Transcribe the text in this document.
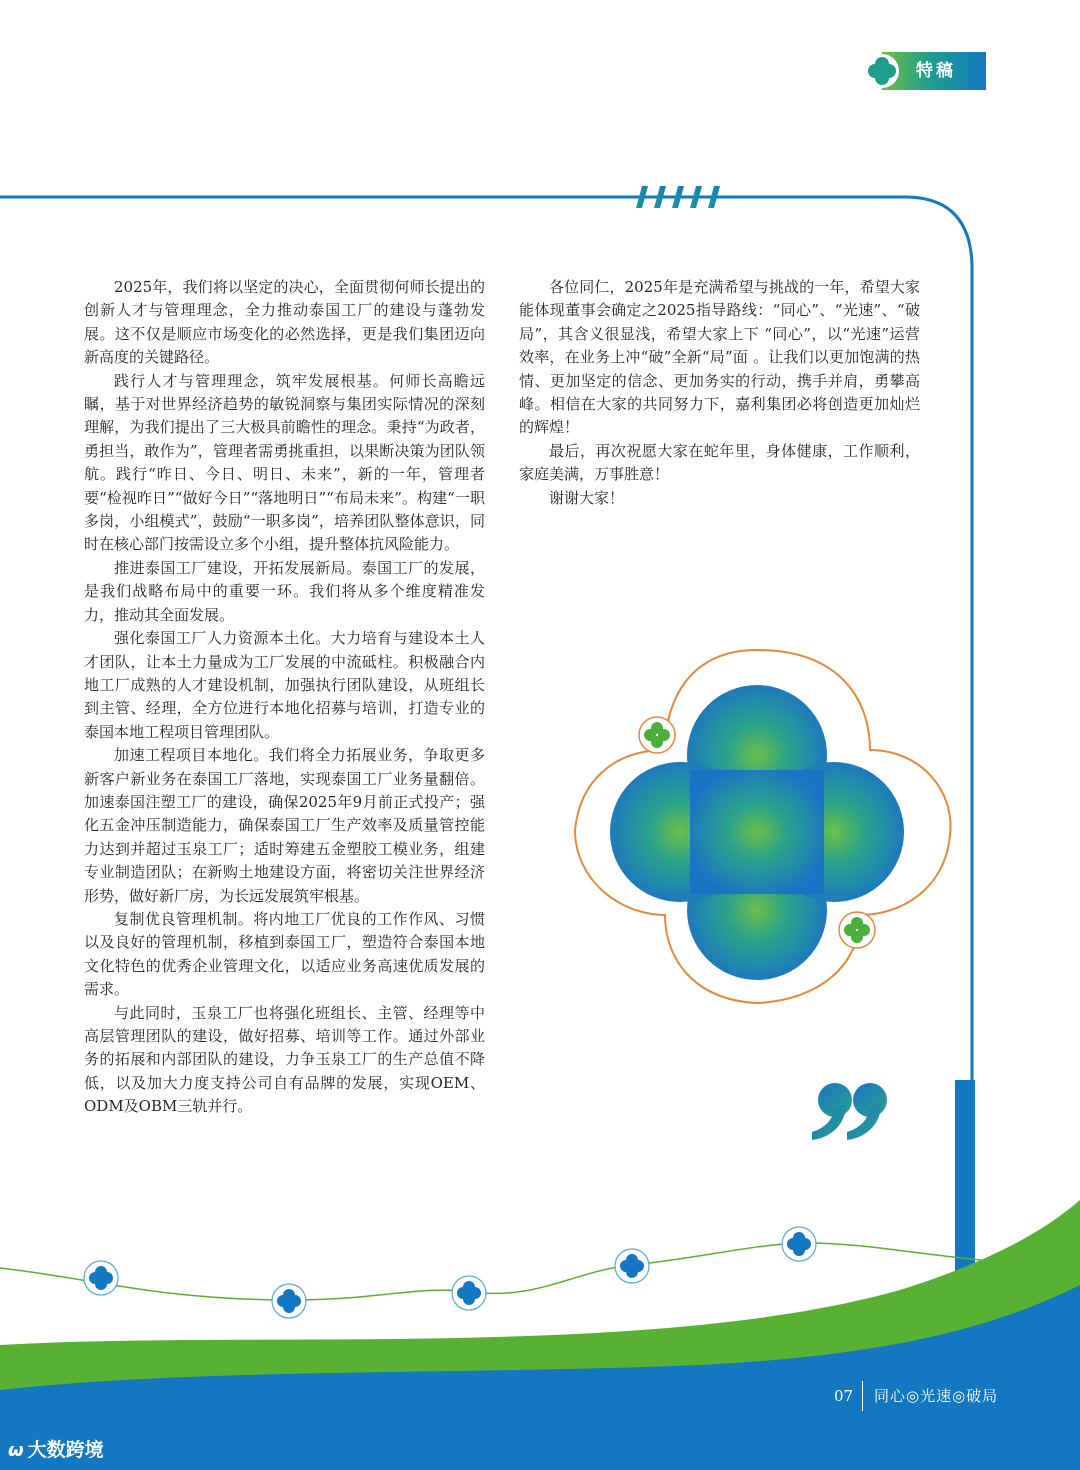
特稿

2025年，我们将以坚定的决心，全面贯彻何师长提出的创新人才与管理理念，全力推动泰国工厂的建设与蓬勃发展。这不仅是顺应市场变化的必然选择，更是我们集团迈向新高度的关键路径。

践行人才与管理理念，筑牢发展根基。何师长高瞻远瞩，基于对世界经济趋势的敏锐洞察与集团实际情况的深刻理解，为我们提出了三大极具前瞻性的理念。秉持“为政者，勇担当，敢作为”，管理者需勇挑重担，以果断决策为团队领航。践行“昨日、今日、明日、未来”，新的一年，管理者要“检视昨日”“做好今日”“落地明日”“布局未来”。构建“一职多岗，小组模式”，鼓励“一职多岗”，培养团队整体意识，同时在核心部门按需设立多个小组，提升整体抗风险能力。

推进泰国工厂建设，开拓发展新局。泰国工厂的发展，是我们战略布局中的重要一环。我们将从多个维度精准发力，推动其全面发展。

强化泰国工厂人力资源本土化。大力培育与建设本土人才团队，让本土力量成为工厂发展的中流砥柱。积极融合内地工厂成熟的人才建设机制，加强执行团队建设，从班组长到主管、经理，全方位进行本地化招募与培训，打造专业的泰国本地工程项目管理团队。

加速工程项目本地化。我们将全力拓展业务，争取更多新客户新业务在泰国工厂落地，实现泰国工厂业务量翻倍。加速泰国注塑工厂的建设，确保2025年9月前正式投产；强化五金冲压制造能力，确保泰国工厂生产效率及质量管控能力达到并超过玉泉工厂；适时筹建五金塑胶工模业务，组建专业制造团队；在新购土地建设方面，将密切关注世界经济形势，做好新厂房，为长远发展筑牢根基。

复制优良管理机制。将内地工厂优良的工作作风、习惯以及良好的管理机制，移植到泰国工厂，塑造符合泰国本地文化特色的优秀企业管理文化，以适应业务高速优质发展的需求。

与此同时，玉泉工厂也将强化班组长、主管、经理等中高层管理团队的建设，做好招募、培训等工作。通过外部业务的拓展和内部团队的建设，力争玉泉工厂的生产总值不降低，以及加大力度支持公司自有品牌的发展，实现OEM、ODM及OBM三轨并行。

各位同仁，2025年是充满希望与挑战的一年，希望大家能体现董事会确定之2025指导路线：“同心”、“光速”、“破局”，其含义很显浅，希望大家上下 “同心”，以“光速”运营效率，在业务上冲“破”全新“局”面 。让我们以更加饱满的热情、更加坚定的信念、更加务实的行动，携手并肩，勇攀高峰。相信在大家的共同努力下，嘉利集团必将创造更加灿烂的辉煌！

最后，再次祝愿大家在蛇年里，身体健康，工作顺利，家庭美满，万事胜意！

谢谢大家！

07 同心◎光速◎破局
ω 大数跨境
